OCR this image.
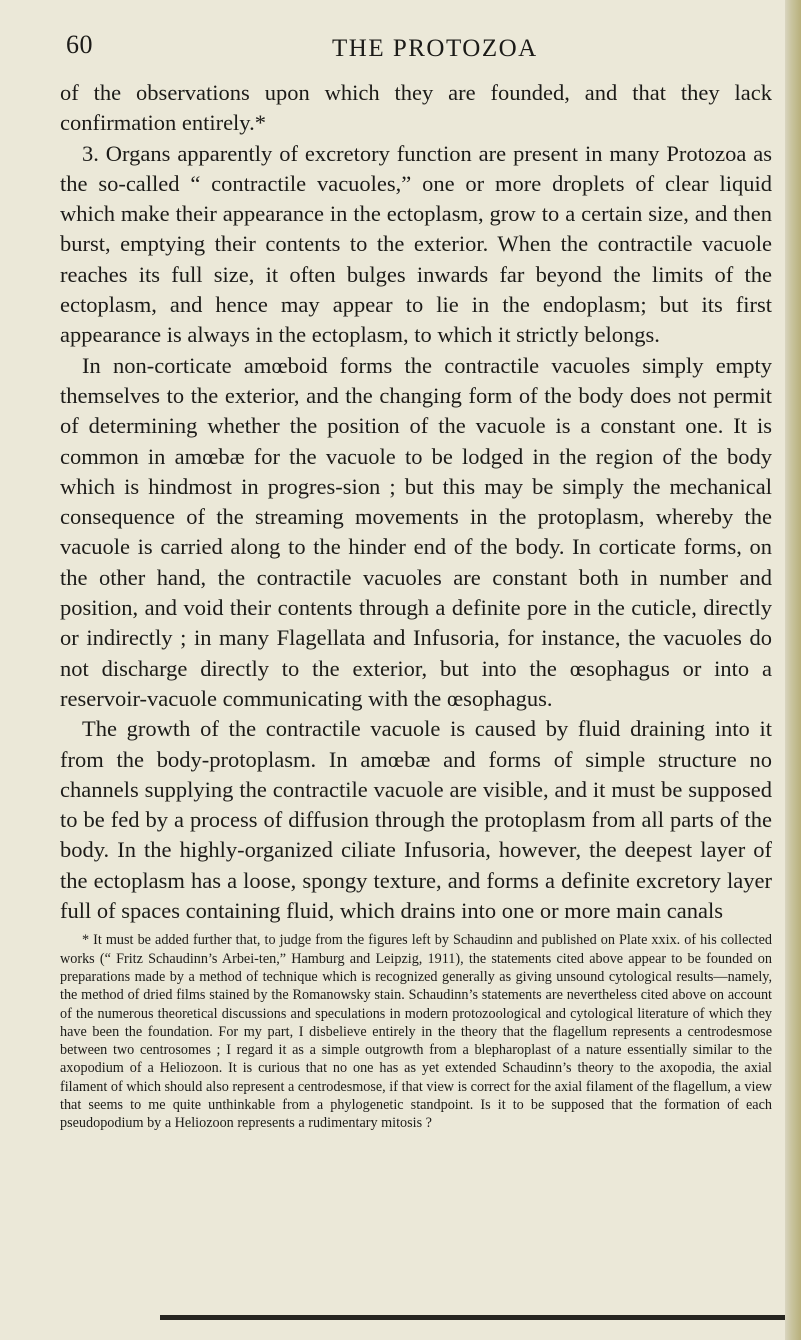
60	THE PROTOZOA

of the observations upon which they are founded, and that they lack confirmation entirely.*

3. Organs apparently of excretory function are present in many Protozoa as the so-called “ contractile vacuoles,” one or more droplets of clear liquid which make their appearance in the ectoplasm, grow to a certain size, and then burst, emptying their contents to the exterior. When the contractile vacuole reaches its full size, it often bulges inwards far beyond the limits of the ectoplasm, and hence may appear to lie in the endoplasm; but its first appearance is always in the ectoplasm, to which it strictly belongs.

In non-corticate amœboid forms the contractile vacuoles simply empty themselves to the exterior, and the changing form of the body does not permit of determining whether the position of the vacuole is a constant one. It is common in amœbæ for the vacuole to be lodged in the region of the body which is hindmost in progres-sion ; but this may be simply the mechanical consequence of the streaming movements in the protoplasm, whereby the vacuole is carried along to the hinder end of the body. In corticate forms, on the other hand, the contractile vacuoles are constant both in number and position, and void their contents through a definite pore in the cuticle, directly or indirectly ; in many Flagellata and Infusoria, for instance, the vacuoles do not discharge directly to the exterior, but into the œsophagus or into a reservoir-vacuole communicating with the œsophagus.

The growth of the contractile vacuole is caused by fluid draining into it from the body-protoplasm. In amœbæ and forms of simple structure no channels supplying the contractile vacuole are visible, and it must be supposed to be fed by a process of diffusion through the protoplasm from all parts of the body. In the highly-organized ciliate Infusoria, however, the deepest layer of the ectoplasm has a loose, spongy texture, and forms a definite excretory layer full of spaces containing fluid, which drains into one or more main canals

* It must be added further that, to judge from the figures left by Schaudinn and published on Plate xxix. of his collected works (“ Fritz Schaudinn’s Arbei-ten,” Hamburg and Leipzig, 1911), the statements cited above appear to be founded on preparations made by a method of technique which is recognized generally as giving unsound cytological results—namely, the method of dried films stained by the Romanowsky stain. Schaudinn’s statements are nevertheless cited above on account of the numerous theoretical discussions and speculations in modern protozoological and cytological literature of which they have been the foundation. For my part, I disbelieve entirely in the theory that the flagellum represents a centrodesmose between two centrosomes ; I regard it as a simple outgrowth from a blepharoplast of a nature essentially similar to the axopodium of a Heliozoon. It is curious that no one has as yet extended Schaudinn’s theory to the axopodia, the axial filament of which should also represent a centrodesmose, if that view is correct for the axial filament of the flagellum, a view that seems to me quite unthinkable from a phylogenetic standpoint. Is it to be supposed that the formation of each pseudopodium by a Heliozoon represents a rudimentary mitosis ?
